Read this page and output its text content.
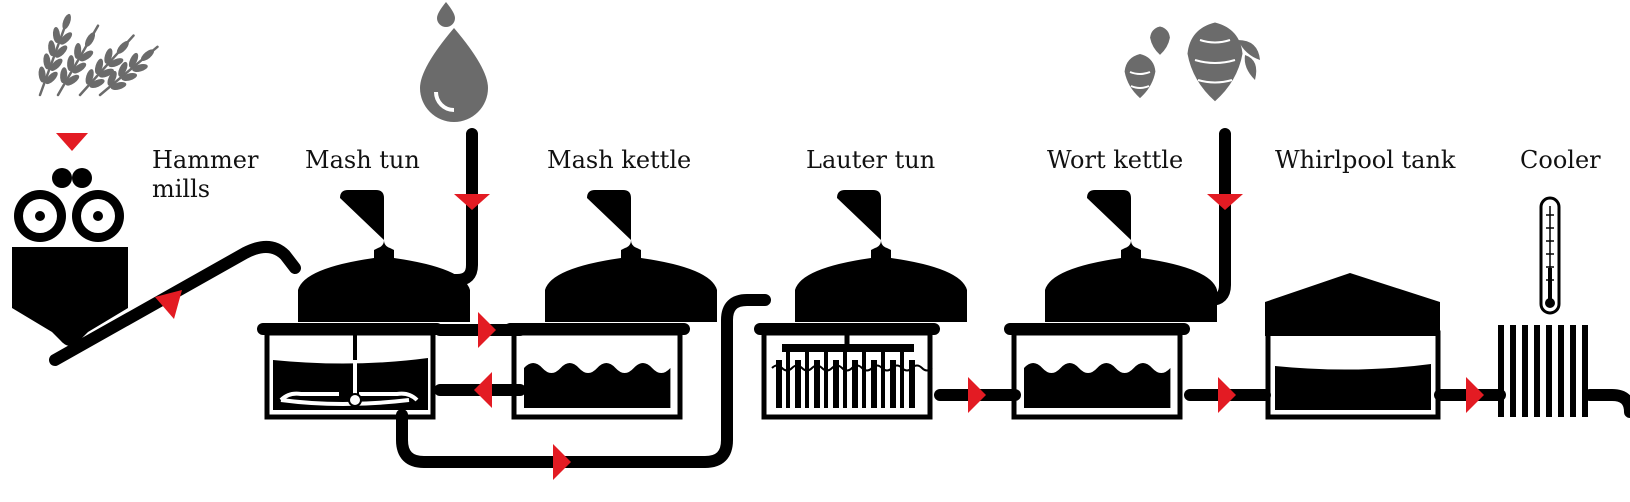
Hammer
mills
Mash tun	Mash kettle	Lauter tun	Wort kettle	Whirlpool tank	Cooler
